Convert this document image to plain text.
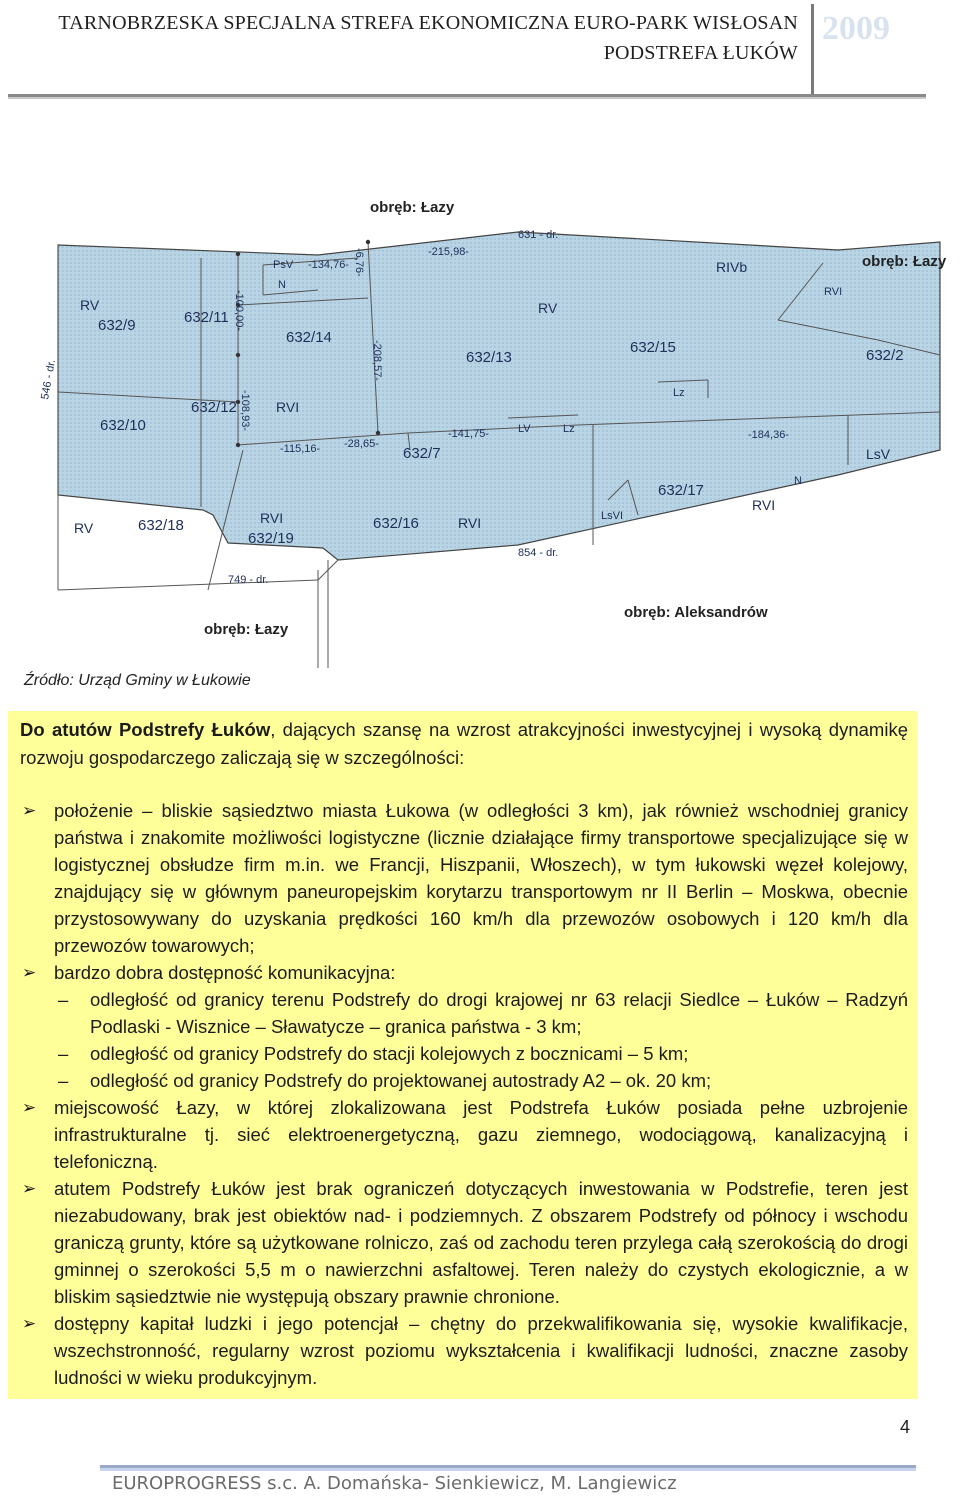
TARNOBRZESKA SPECJALNA STREFA EKONOMICZNA EURO-PARK WISŁOSAN
PODSTREFA ŁUKÓW
2009
obręb: Łazy
obręb: Łazy
obręb: Łazy
obręb: Aleksandrów
632/9
632/10
632/11
632/12
632/13
632/14
632/15
632/16
632/17
632/18
632/19
632/7
632/2
RV	RV
RV
RVI
RVI
RVI
RVI
RVI
RIVb
PsV
N
N
Lz
Lz
LV
LsVI
LsV
631 - dr.
854 - dr.
749 - dr.
546 - dr.
-134,76-
-215,98-
-115,16- -28,65-
-141,75-	-184,36-
-100,00-
-208,57-
-108,93-
-6,76-
Źródło: Urząd Gminy w Łukowie
Do atutów Podstrefy Łuków, dających szansę na wzrost atrakcyjności inwestycyjnej i wysoką dynamikę rozwoju gospodarczego zaliczają się w szczególności:
➢ położenie – bliskie sąsiedztwo miasta Łukowa (w odległości 3 km), jak również wschodniej granicy państwa i znakomite możliwości logistyczne (licznie działające firmy transportowe specjalizujące się w logistycznej obsłudze firm m.in. we Francji, Hiszpanii, Włoszech), w tym łukowski węzeł kolejowy, znajdujący się w głównym paneuropejskim korytarzu transportowym nr II Berlin – Moskwa, obecnie przystosowywany do uzyskania prędkości 160 km/h dla przewozów osobowych i 120 km/h dla przewozów towarowych;
➢ bardzo dobra dostępność komunikacyjna:
– odległość od granicy terenu Podstrefy do drogi krajowej nr 63 relacji Siedlce – Łuków – Radzyń Podlaski - Wisznice – Sławatycze – granica państwa - 3 km;
– odległość od granicy Podstrefy do stacji kolejowych z bocznicami – 5 km;
– odległość od granicy Podstrefy do projektowanej autostrady A2 – ok. 20 km;
➢ miejscowość Łazy, w której zlokalizowana jest Podstrefa Łuków posiada pełne uzbrojenie infrastrukturalne tj. sieć elektroenergetyczną, gazu ziemnego, wodociągową, kanalizacyjną i telefoniczną.
➢ atutem Podstrefy Łuków jest brak ograniczeń dotyczących inwestowania w Podstrefie, teren jest niezabudowany, brak jest obiektów nad- i podziemnych. Z obszarem Podstrefy od północy i wschodu graniczą grunty, które są użytkowane rolniczo, zaś od zachodu teren przylega całą szerokością do drogi gminnej o szerokości 5,5 m o nawierzchni asfaltowej. Teren należy do czystych ekologicznie, a w bliskim sąsiedztwie nie występują obszary prawnie chronione.
➢ dostępny kapitał ludzki i jego potencjał – chętny do przekwalifikowania się, wysokie kwalifikacje, wszechstronność, regularny wzrost poziomu wykształcenia i kwalifikacji ludności, znaczne zasoby ludności w wieku produkcyjnym.
4
EUROPROGRESS s.c. A. Domańska- Sienkiewicz, M. Langiewicz
